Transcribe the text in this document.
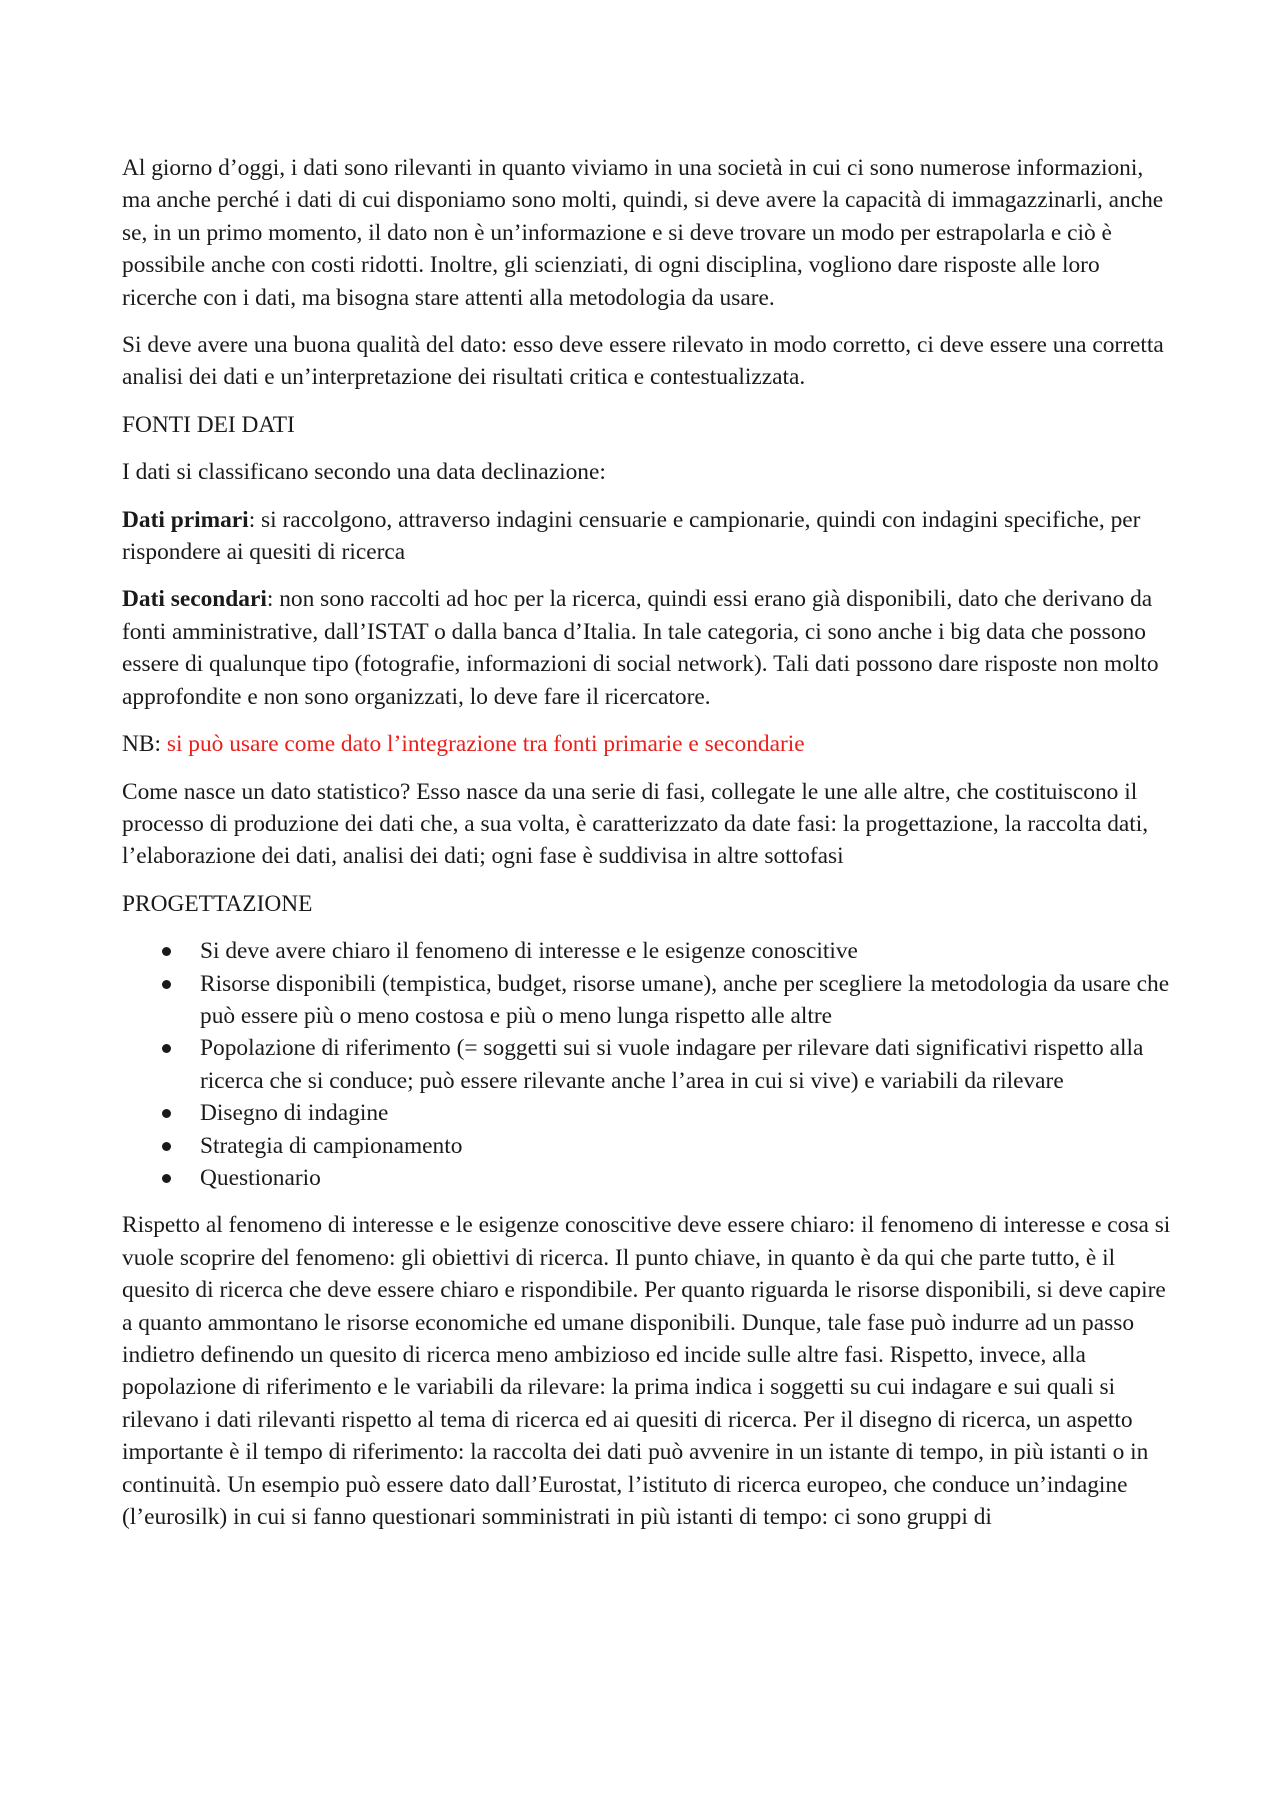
Al giorno d’oggi, i dati sono rilevanti in quanto viviamo in una società in cui ci sono numerose informazioni, ma anche perché i dati di cui disponiamo sono molti, quindi, si deve avere la capacità di immagazzinarli, anche se, in un primo momento, il dato non è un’informazione e si deve trovare un modo per estrapolarla e ciò è possibile anche con costi ridotti. Inoltre, gli scienziati, di ogni disciplina, vogliono dare risposte alle loro ricerche con i dati, ma bisogna stare attenti alla metodologia da usare.

Si deve avere una buona qualità del dato: esso deve essere rilevato in modo corretto, ci deve essere una corretta analisi dei dati e un’interpretazione dei risultati critica e contestualizzata.

FONTI DEI DATI

I dati si classificano secondo una data declinazione:

Dati primari: si raccolgono, attraverso indagini censuarie e campionarie, quindi con indagini specifiche, per rispondere ai quesiti di ricerca

Dati secondari: non sono raccolti ad hoc per la ricerca, quindi essi erano già disponibili, dato che derivano da fonti amministrative, dall’ISTAT o dalla banca d’Italia. In tale categoria, ci sono anche i big data che possono essere di qualunque tipo (fotografie, informazioni di social network). Tali dati possono dare risposte non molto approfondite e non sono organizzati, lo deve fare il ricercatore.

NB: si può usare come dato l’integrazione tra fonti primarie e secondarie

Come nasce un dato statistico? Esso nasce da una serie di fasi, collegate le une alle altre, che costituiscono il processo di produzione dei dati che, a sua volta, è caratterizzato da date fasi: la progettazione, la raccolta dati, l’elaborazione dei dati, analisi dei dati; ogni fase è suddivisa in altre sottofasi

PROGETTAZIONE

Si deve avere chiaro il fenomeno di interesse e le esigenze conoscitive
Risorse disponibili (tempistica, budget, risorse umane), anche per scegliere la metodologia da usare che può essere più o meno costosa e più o meno lunga rispetto alle altre
Popolazione di riferimento (= soggetti sui si vuole indagare per rilevare dati significativi rispetto alla ricerca che si conduce; può essere rilevante anche l’area in cui si vive) e variabili da rilevare
Disegno di indagine
Strategia di campionamento
Questionario

Rispetto al fenomeno di interesse e le esigenze conoscitive deve essere chiaro: il fenomeno di interesse e cosa si vuole scoprire del fenomeno: gli obiettivi di ricerca. Il punto chiave, in quanto è da qui che parte tutto, è il quesito di ricerca che deve essere chiaro e rispondibile. Per quanto riguarda le risorse disponibili, si deve capire a quanto ammontano le risorse economiche ed umane disponibili. Dunque, tale fase può indurre ad un passo indietro definendo un quesito di ricerca meno ambizioso ed incide sulle altre fasi. Rispetto, invece, alla popolazione di riferimento e le variabili da rilevare: la prima indica i soggetti su cui indagare e sui quali si rilevano i dati rilevanti rispetto al tema di ricerca ed ai quesiti di ricerca. Per il disegno di ricerca, un aspetto importante è il tempo di riferimento: la raccolta dei dati può avvenire in un istante di tempo, in più istanti o in continuità. Un esempio può essere dato dall’Eurostat, l’istituto di ricerca europeo, che conduce un’indagine (l’eurosilk) in cui si fanno questionari somministrati in più istanti di tempo: ci sono gruppi di
